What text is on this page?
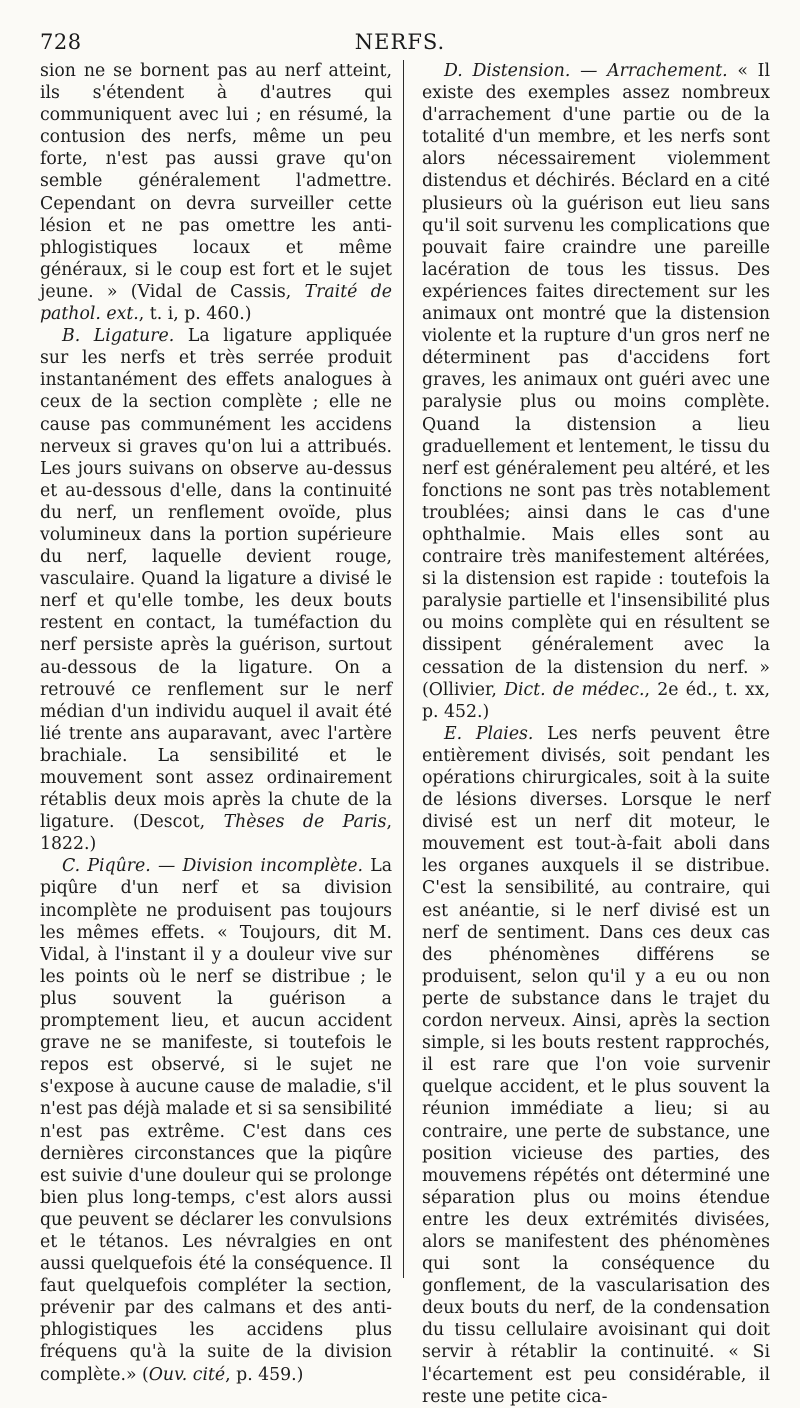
728	NERFS.

sion ne se bornent pas au nerf atteint, ils s'étendent à d'autres qui communiquent avec lui ; en résumé, la contusion des nerfs, même un peu forte, n'est pas aussi grave qu'on semble généralement l'admettre. Cependant on devra surveiller cette lésion et ne pas omettre les anti-phlogistiques locaux et même généraux, si le coup est fort et le sujet jeune. » (Vidal de Cassis, Traité de pathol. ext., t. i, p. 460.)

B. Ligature. La ligature appliquée sur les nerfs et très serrée produit instantanément des effets analogues à ceux de la section complète ; elle ne cause pas communément les accidens nerveux si graves qu'on lui a attribués. Les jours suivans on observe au-dessus et au-dessous d'elle, dans la continuité du nerf, un renflement ovoïde, plus volumineux dans la portion supérieure du nerf, laquelle devient rouge, vasculaire. Quand la ligature a divisé le nerf et qu'elle tombe, les deux bouts restent en contact, la tuméfaction du nerf persiste après la guérison, surtout au-dessous de la ligature. On a retrouvé ce renflement sur le nerf médian d'un individu auquel il avait été lié trente ans auparavant, avec l'artère brachiale. La sensibilité et le mouvement sont assez ordinairement rétablis deux mois après la chute de la ligature. (Descot, Thèses de Paris, 1822.)

C. Piqûre. — Division incomplète. La piqûre d'un nerf et sa division incomplète ne produisent pas toujours les mêmes effets. « Toujours, dit M. Vidal, à l'instant il y a douleur vive sur les points où le nerf se distribue ; le plus souvent la guérison a promptement lieu, et aucun accident grave ne se manifeste, si toutefois le repos est observé, si le sujet ne s'expose à aucune cause de maladie, s'il n'est pas déjà malade et si sa sensibilité n'est pas extrême. C'est dans ces dernières circonstances que la piqûre est suivie d'une douleur qui se prolonge bien plus long-temps, c'est alors aussi que peuvent se déclarer les convulsions et le tétanos. Les névralgies en ont aussi quelquefois été la conséquence. Il faut quelquefois compléter la section, prévenir par des calmans et des anti-phlogistiques les accidens plus fréquens qu'à la suite de la division complète.» (Ouv. cité, p. 459.)

D. Distension. — Arrachement. « Il existe des exemples assez nombreux d'arrachement d'une partie ou de la totalité d'un membre, et les nerfs sont alors nécessairement violemment distendus et déchirés. Béclard en a cité plusieurs où la guérison eut lieu sans qu'il soit survenu les complications que pouvait faire craindre une pareille lacération de tous les tissus. Des expériences faites directement sur les animaux ont montré que la distension violente et la rupture d'un gros nerf ne déterminent pas d'accidens fort graves, les animaux ont guéri avec une paralysie plus ou moins complète. Quand la distension a lieu graduellement et lentement, le tissu du nerf est généralement peu altéré, et les fonctions ne sont pas très notablement troublées; ainsi dans le cas d'une ophthalmie. Mais elles sont au contraire très manifestement altérées, si la distension est rapide : toutefois la paralysie partielle et l'insensibilité plus ou moins complète qui en résultent se dissipent généralement avec la cessation de la distension du nerf. » (Ollivier, Dict. de médec., 2e éd., t. xx, p. 452.)

E. Plaies. Les nerfs peuvent être entièrement divisés, soit pendant les opérations chirurgicales, soit à la suite de lésions diverses. Lorsque le nerf divisé est un nerf dit moteur, le mouvement est tout-à-fait aboli dans les organes auxquels il se distribue. C'est la sensibilité, au contraire, qui est anéantie, si le nerf divisé est un nerf de sentiment. Dans ces deux cas des phénomènes différens se produisent, selon qu'il y a eu ou non perte de substance dans le trajet du cordon nerveux. Ainsi, après la section simple, si les bouts restent rapprochés, il est rare que l'on voie survenir quelque accident, et le plus souvent la réunion immédiate a lieu; si au contraire, une perte de substance, une position vicieuse des parties, des mouvemens répétés ont déterminé une séparation plus ou moins étendue entre les deux extrémités divisées, alors se manifestent des phénomènes qui sont la conséquence du gonflement, de la vascularisation des deux bouts du nerf, de la condensation du tissu cellulaire avoisinant qui doit servir à rétablir la continuité. « Si l'écartement est peu considérable, il reste une petite cica-
